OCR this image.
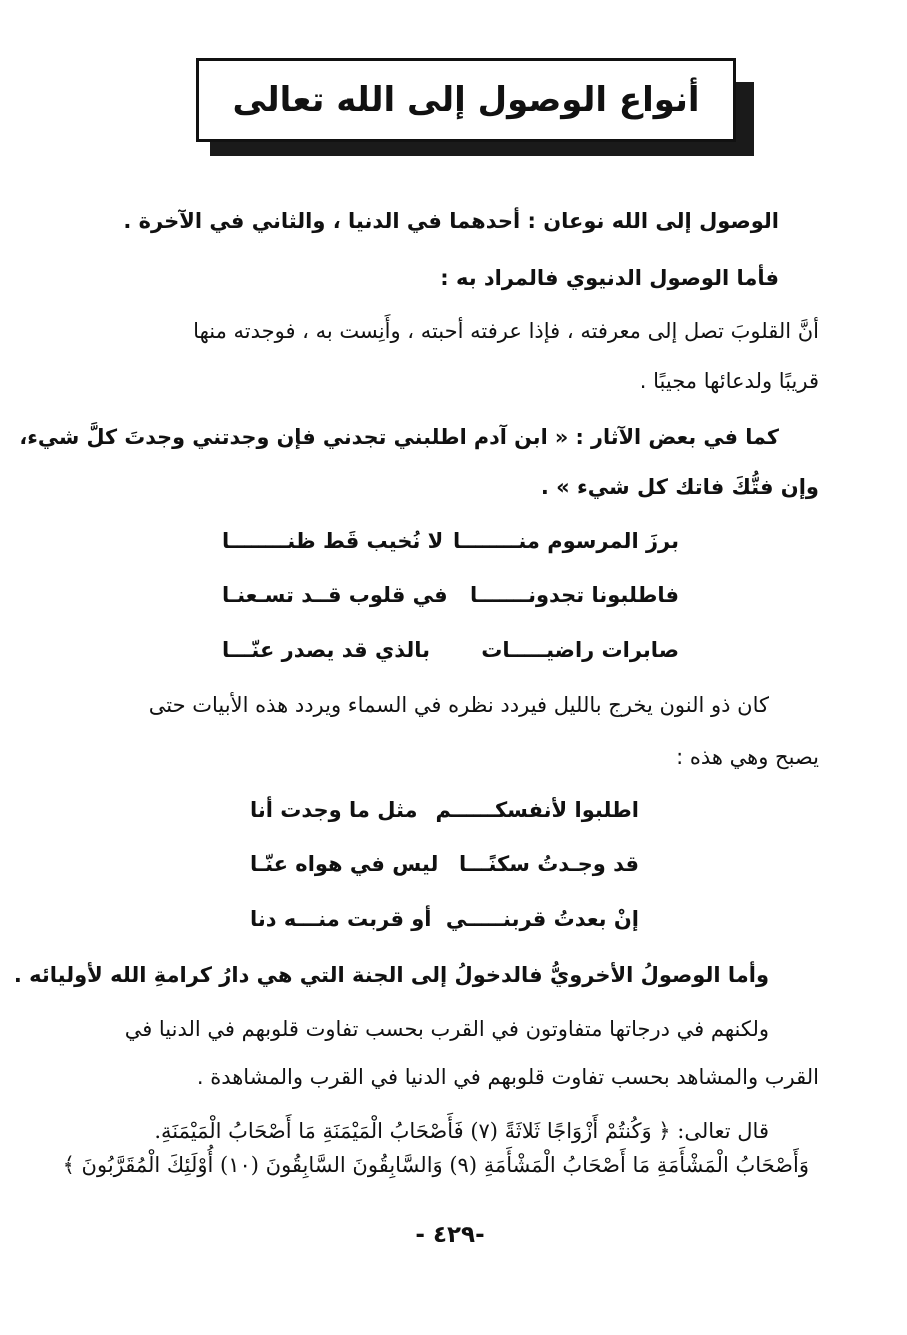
أنواع الوصول إلى الله تعالى
الوصول إلى الله نوعان : أحدهما في الدنيا ، والثاني في الآخرة .
فأما الوصول الدنيوي فالمراد به :
أنَّ القلوبَ تصل إلى معرفته ، فإذا عرفته أحبته ، وأَنِست به ، فوجدته منها
قريبًا ولدعائها مجيبًا .
كما في بعض الآثار : « ابن آدم اطلبني تجدني فإن وجدتني وجدتَ كلَّ شيء،
وإن فتُّكَ فاتك كل شيء » .
برزَ المرسوم منــــــــا
لا نُخيب قَط ظنــــــــا
فاطلبونا تجدونـــــــا
في قلوب قــد تسـعنـا
صابرات راضيـــــات
بالذي قد يصدر عنّـــا
كان ذو النون يخرج بالليل فيردد نظره في السماء ويردد هذه الأبيات حتى
يصبح وهي هذه :
اطلبوا لأنفسكــــــم
مثل ما وجدت أنا
قد وجـدتُ سكنًـــا
ليس في هواه عنّـا
إنْ بعدتُ قربنـــــي
أو قربت منـــه دنا
وأما الوصولُ الأخرويُّ فالدخولُ إلى الجنة التي هي دارُ كرامةِ الله لأوليائه .
ولكنهم في درجاتها متفاوتون في القرب بحسب تفاوت قلوبهم في الدنيا في
القرب والمشاهد بحسب تفاوت قلوبهم في الدنيا في القرب والمشاهدة .
قال تعالى: ﴿ وَكُنتُمْ أَزْوَاجًا ثَلاثَةً (٧) فَأَصْحَابُ الْمَيْمَنَةِ مَا أَصْحَابُ الْمَيْمَنَةِ.
وَأَصْحَابُ الْمَشْأَمَةِ مَا أَصْحَابُ الْمَشْأَمَةِ (٩) وَالسَّابِقُونَ السَّابِقُونَ (١٠) أُوْلَئِكَ الْمُقَرَّبُونَ ﴾
- ٤٢٩-
